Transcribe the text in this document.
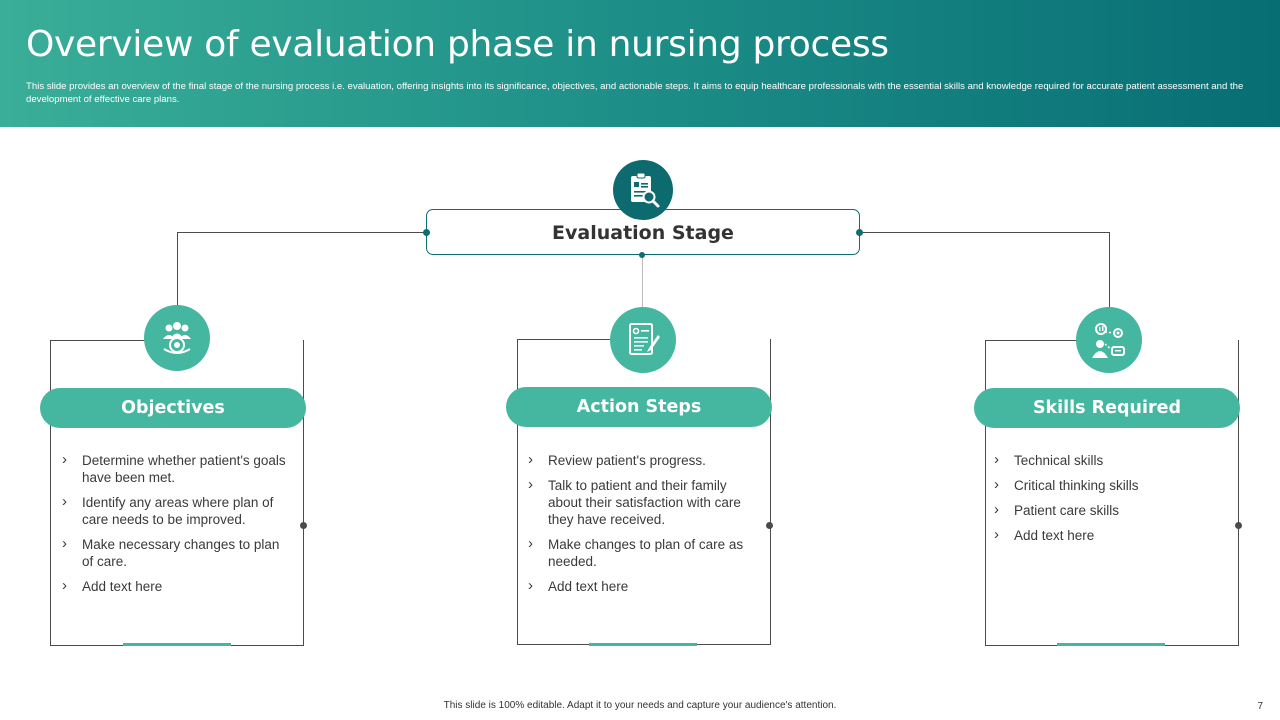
Overview of evaluation phase in nursing process
This slide provides an overview of the final stage of the nursing process i.e. evaluation, offering insights into its significance, objectives, and actionable steps. It aims to equip healthcare professionals with the essential skills and knowledge required for accurate patient assessment and the development of effective care plans.
Evaluation Stage
Objectives
› Determine whether patient's goals have been met.
› Identify any areas where plan of care needs to be improved.
› Make necessary changes to plan of care.
› Add text here
Action Steps
› Review patient's progress.
› Talk to patient and their family about their satisfaction with care they have received.
› Make changes to plan of care as needed.
› Add text here
Skills Required
› Technical skills
› Critical thinking skills
› Patient care skills
› Add text here
This slide is 100% editable. Adapt it to your needs and capture your audience's attention.	7
